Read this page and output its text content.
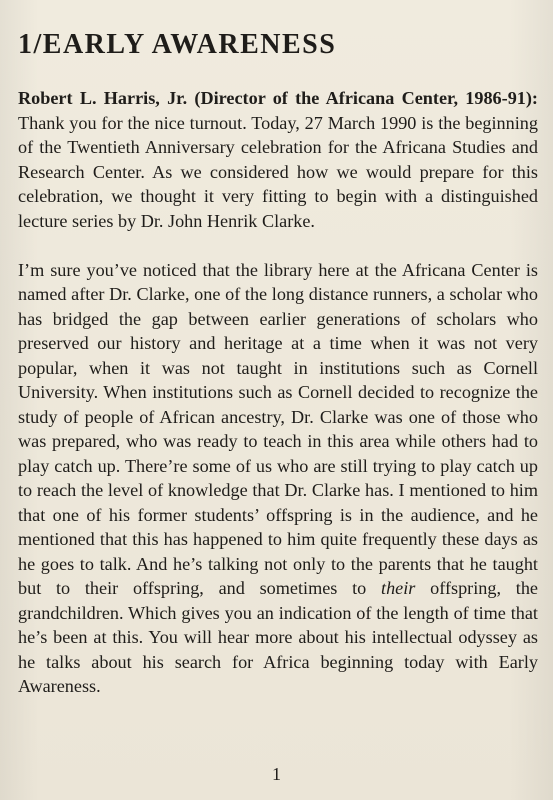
1/EARLY AWARENESS

Robert L. Harris, Jr. (Director of the Africana Center, 1986-91): Thank you for the nice turnout. Today, 27 March 1990 is the beginning of the Twentieth Anniversary celebration for the Africana Studies and Research Center. As we considered how we would prepare for this celebration, we thought it very fitting to begin with a distinguished lecture series by Dr. John Henrik Clarke.

I’m sure you’ve noticed that the library here at the Africana Center is named after Dr. Clarke, one of the long distance runners, a scholar who has bridged the gap between earlier generations of scholars who preserved our history and heritage at a time when it was not very popular, when it was not taught in institutions such as Cornell University. When institutions such as Cornell decided to recognize the study of people of African ancestry, Dr. Clarke was one of those who was prepared, who was ready to teach in this area while others had to play catch up. There’re some of us who are still trying to play catch up to reach the level of knowledge that Dr. Clarke has. I mentioned to him that one of his former students’ offspring is in the audience, and he mentioned that this has happened to him quite frequently these days as he goes to talk. And he’s talking not only to the parents that he taught but to their offspring, and sometimes to their offspring, the grandchildren. Which gives you an indication of the length of time that he’s been at this. You will hear more about his intellectual odyssey as he talks about his search for Africa beginning today with Early Awareness.

1
